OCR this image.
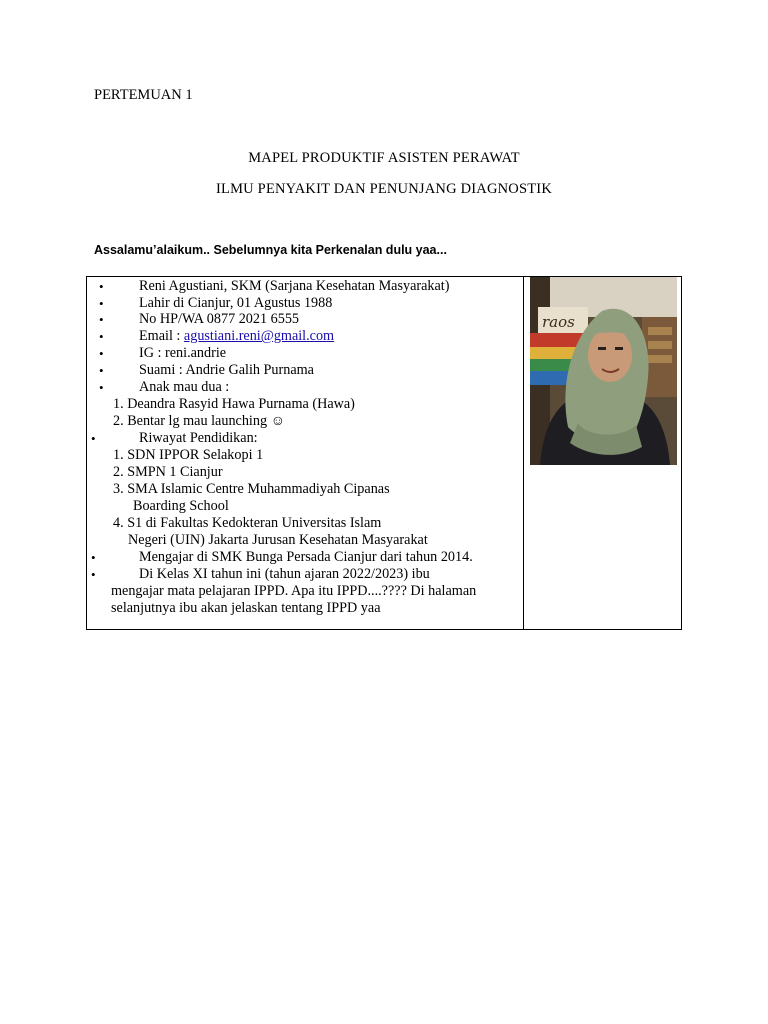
PERTEMUAN 1
MAPEL PRODUKTIF ASISTEN PERAWAT
ILMU PENYAKIT DAN PENUNJANG DIAGNOSTIK
Assalamu’alaikum.. Sebelumnya kita Perkenalan dulu yaa...
• Reni Agustiani, SKM (Sarjana Kesehatan Masyarakat)
• Lahir di Cianjur, 01 Agustus 1988
• No HP/WA 0877 2021 6555
• Email : agustiani.reni@gmail.com
• IG : reni.andrie
• Suami : Andrie Galih Purnama
• Anak mau dua :
1. Deandra Rasyid Hawa Purnama (Hawa)
2. Bentar lg mau launching ☺
•	Riwayat Pendidikan:
1. SDN IPPOR Selakopi 1
2. SMPN 1 Cianjur
3. SMA Islamic Centre Muhammadiyah Cipanas
Boarding School
4. S1 di Fakultas Kedokteran Universitas Islam
Negeri (UIN) Jakarta Jurusan Kesehatan Masyarakat
•	Mengajar di SMK Bunga Persada Cianjur dari tahun 2014.
•	Di Kelas XI tahun ini (tahun ajaran 2022/2023) ibu
mengajar mata pelajaran IPPD. Apa itu IPPD....???? Di halaman
selanjutnya ibu akan jelaskan tentang IPPD yaa
raos
